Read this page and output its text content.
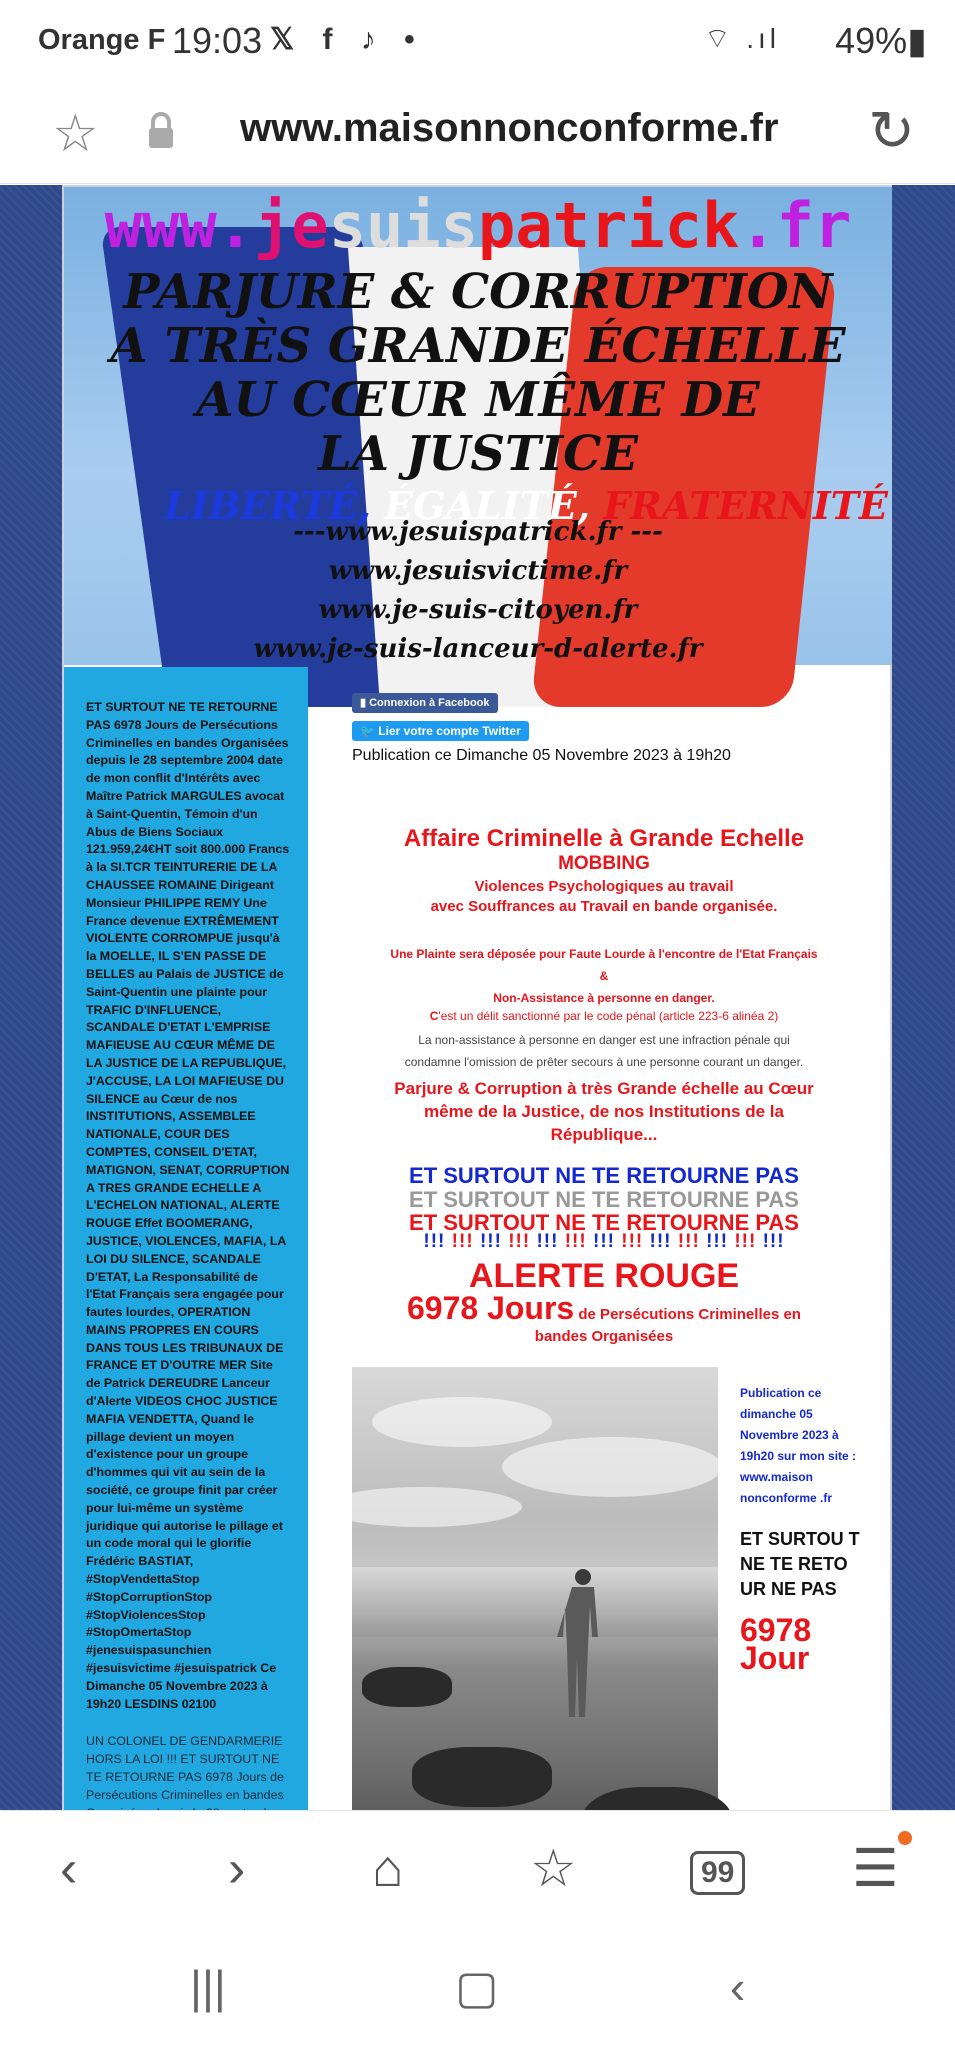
Orange F 19:03 𝕏 f ♪ •	⌔ .ıl 49%▮
☆	www.maisonnonconforme.fr ↻
www.jesuispatrick.fr
PARJURE & CORRUPTION
A TRÈS GRANDE ÉCHELLE
AU CŒUR MÊME DE
LA JUSTICE
LIBERTÉ, ÉGALITÉ, FRATERNITÉ
---www.jesuispatrick.fr ---
www.jesuisvictime.fr
www.je-suis-citoyen.fr
www.je-suis-lanceur-d-alerte.fr
ET SURTOUT NE TE RETOURNE PAS 6978 Jours de Persécutions Criminelles en bandes Organisées depuis le 28 septembre 2004 date de mon conflit d'Intérêts avec Maître Patrick MARGULES avocat à Saint-Quentin, Témoin d'un Abus de Biens Sociaux 121.959,24€HT soit 800.000 Francs à la SI.TCR TEINTURERIE DE LA CHAUSSEE ROMAINE Dirigeant Monsieur PHILIPPE REMY Une France devenue EXTRÊMEMENT VIOLENTE CORROMPUE jusqu'à la MOELLE, IL S'EN PASSE DE BELLES au Palais de JUSTICE de Saint-Quentin une plainte pour TRAFIC D'INFLUENCE, SCANDALE D'ETAT L'EMPRISE MAFIEUSE AU CŒUR MÊME DE LA JUSTICE DE LA REPUBLIQUE, J'ACCUSE, LA LOI MAFIEUSE DU SILENCE au Cœur de nos INSTITUTIONS, ASSEMBLEE NATIONALE, COUR DES COMPTES, CONSEIL D'ETAT, MATIGNON, SENAT, CORRUPTION A TRES GRANDE ECHELLE A L'ECHELON NATIONAL, ALERTE ROUGE Effet BOOMERANG, JUSTICE, VIOLENCES, MAFIA, LA LOI DU SILENCE, SCANDALE D'ETAT, La Responsabilité de l'Etat Français sera engagée pour fautes lourdes, OPERATION MAINS PROPRES EN COURS DANS TOUS LES TRIBUNAUX DE FRANCE ET D'OUTRE MER Site de Patrick DEREUDRE Lanceur d'Alerte VIDEOS CHOC JUSTICE MAFIA VENDETTA, Quand le pillage devient un moyen d'existence pour un groupe d'hommes qui vit au sein de la société, ce groupe finit par créer pour lui-même un système juridique qui autorise le pillage et un code moral qui le glorifie Frédéric BASTIAT, #StopVendettaStop #StopCorruptionStop #StopViolencesStop #StopOmertaStop #jenesuispasunchien #jesuisvictime #jesuispatrick Ce Dimanche 05 Novembre 2023 à 19h20 LESDINS 02100
UN COLONEL DE GENDARMERIE HORS LA LOI !!! ET SURTOUT NE TE RETOURNE PAS 6978 Jours de Persécutions Criminelles en bandes
▮ Connexion à Facebook
🐦 Lier votre compte Twitter
Publication ce Dimanche 05 Novembre 2023 à 19h20
Affaire Criminelle à Grande Echelle
MOBBING
Violences Psychologiques au travail
avec Souffrances au Travail en bande organisée.
Une Plainte sera déposée pour Faute Lourde à l'encontre de l'Etat Français
&
Non-Assistance à personne en danger.
C'est un délit sanctionné par le code pénal (article 223-6 alinéa 2)
La non-assistance à personne en danger est une infraction pénale qui
condamne l'omission de prêter secours à une personne courant un danger.
Parjure & Corruption à très Grande échelle au Cœur
même de la Justice, de nos Institutions de la
République...
ET SURTOUT NE TE RETOURNE PAS
ET SURTOUT NE TE RETOURNE PAS
ET SURTOUT NE TE RETOURNE PAS
!!! !!! !!! !!! !!! !!! !!! !!! !!! !!! !!! !!! !!!
ALERTE ROUGE
6978 Jours de Persécutions Criminelles en
bandes Organisées
Publication ce dimanche 05 Novembre 2023 à 19h20 sur mon site : www.maison nonconforme .fr
ET SURTOU T NE TE RETOUR NE PAS
6978 Jour
‹	› ⌂ ☆	99 ☰
|||	▢	‹
